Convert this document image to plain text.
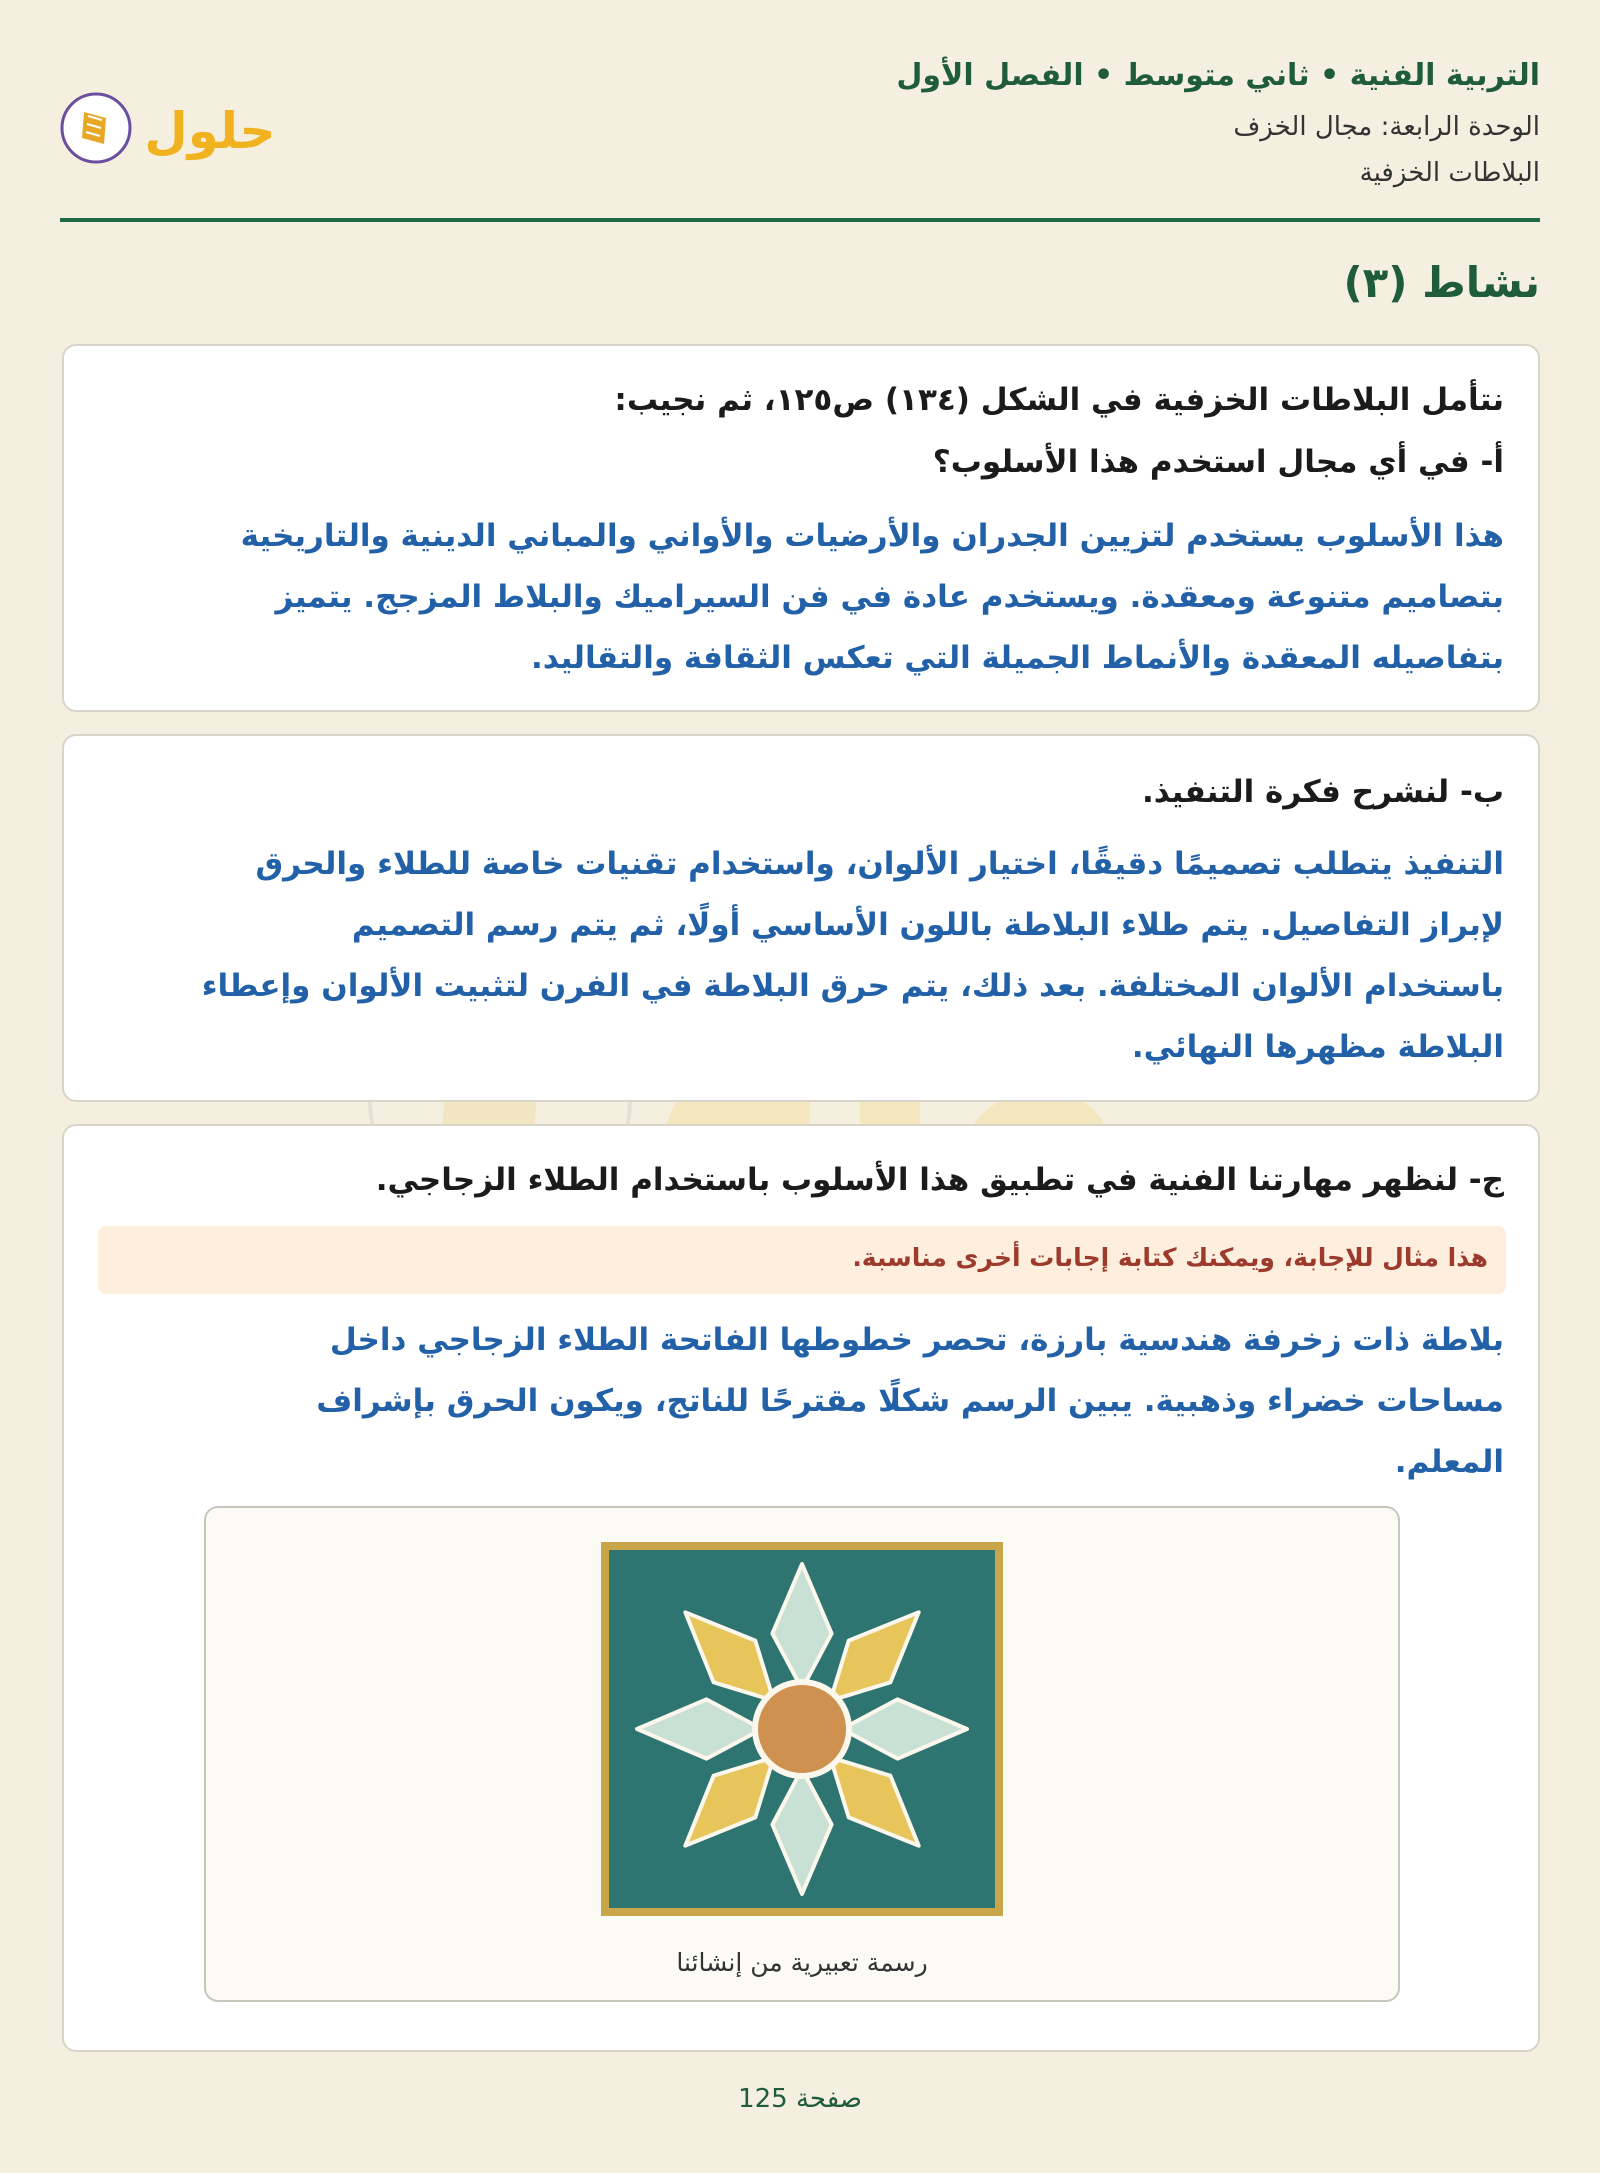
التربية الفنية • ثاني متوسط • الفصل الأول
الوحدة الرابعة: مجال الخزف
البلاطات الخزفية
حلول
نشاط (٣)
نتأمل البلاطات الخزفية في الشكل (١٣٤) ص١٢٥، ثم نجيب:
أ- في أي مجال استخدم هذا الأسلوب؟
هذا الأسلوب يستخدم لتزيين الجدران والأرضيات والأواني والمباني الدينية والتاريخية
بتصاميم متنوعة ومعقدة. ويستخدم عادة في فن السيراميك والبلاط المزجج. يتميز
بتفاصيله المعقدة والأنماط الجميلة التي تعكس الثقافة والتقاليد.
ب- لنشرح فكرة التنفيذ.
التنفيذ يتطلب تصميمًا دقيقًا، اختيار الألوان، واستخدام تقنيات خاصة للطلاء والحرق
لإبراز التفاصيل. يتم طلاء البلاطة باللون الأساسي أولًا، ثم يتم رسم التصميم
باستخدام الألوان المختلفة. بعد ذلك، يتم حرق البلاطة في الفرن لتثبيت الألوان وإعطاء
البلاطة مظهرها النهائي.
ج- لنظهر مهارتنا الفنية في تطبيق هذا الأسلوب باستخدام الطلاء الزجاجي.
هذا مثال للإجابة، ويمكنك كتابة إجابات أخرى مناسبة.
بلاطة ذات زخرفة هندسية بارزة، تحصر خطوطها الفاتحة الطلاء الزجاجي داخل
مساحات خضراء وذهبية. يبين الرسم شكلًا مقترحًا للناتج، ويكون الحرق بإشراف
المعلم.
رسمة تعبيرية من إنشائنا
صفحة 125
